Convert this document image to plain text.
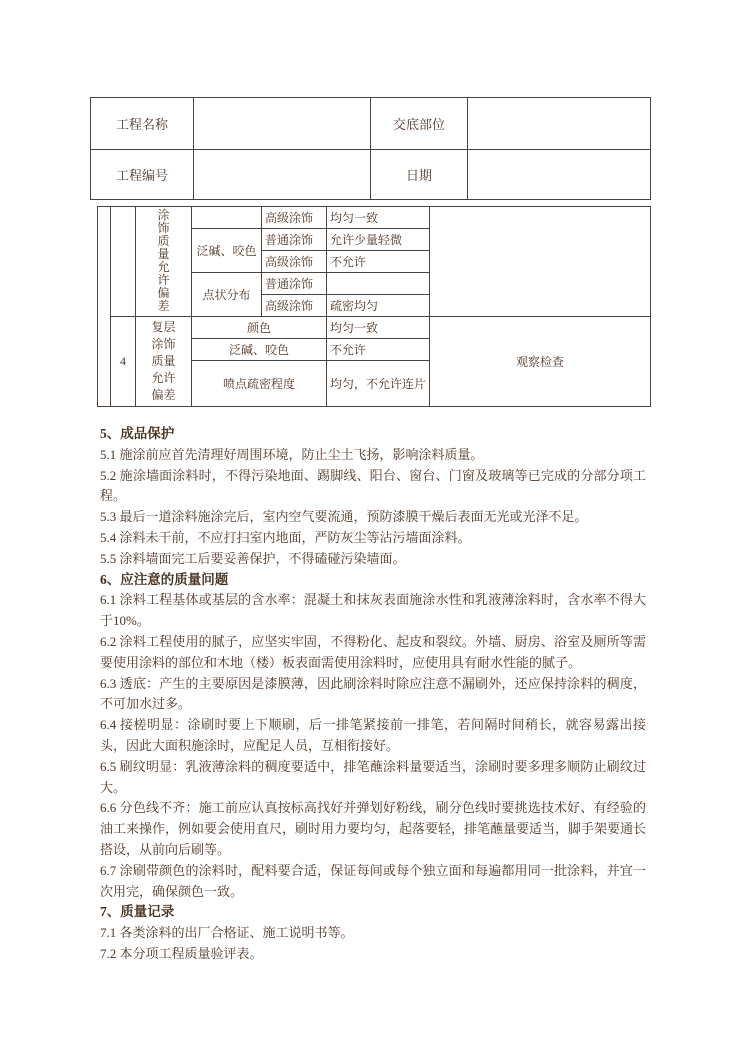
工程名称		交底部位	
工程编号		日期	
		涂饰质量允许偏差		高级涂饰	均匀一致	
			泛碱、咬色	普通涂饰	允许少量轻微	
				高级涂饰	不允许	
			点状分布	普通涂饰		
				高级涂饰	疏密均匀	
	4	复层涂饰质量允许偏差	颜色		均匀一致	观察检查
			泛碱、咬色		不允许	
			喷点疏密程度		均匀，不允许连片	
5、成品保护

5.1 施涂前应首先清理好周围环境，防止尘土飞扬，影响涂料质量。

5.2 施涂墙面涂料时，不得污染地面、踢脚线、阳台、窗台、门窗及玻璃等已完成的分部分项工程。

5.3 最后一道涂料施涂完后，室内空气要流通，预防漆膜干燥后表面无光或光泽不足。

5.4 涂料未干前，不应打扫室内地面，严防灰尘等沾污墙面涂料。

5.5 涂料墙面完工后要妥善保护，不得磕碰污染墙面。

6、应注意的质量问题

6.1 涂料工程基体或基层的含水率：混凝土和抹灰表面施涂水性和乳液薄涂料时，含水率不得大于10%。

6.2 涂料工程使用的腻子，应坚实牢固，不得粉化、起皮和裂纹。外墙、厨房、浴室及厕所等需要使用涂料的部位和木地（楼）板表面需使用涂料时，应使用具有耐水性能的腻子。

6.3 透底：产生的主要原因是漆膜薄，因此刷涂料时除应注意不漏刷外，还应保持涂料的稠度，不可加水过多。

6.4 接槎明显：涂刷时要上下顺刷，后一排笔紧接前一排笔，若间隔时间稍长，就容易露出接头，因此大面积施涂时，应配足人员，互相衔接好。

6.5 刷纹明显：乳液薄涂料的稠度要适中，排笔蘸涂料量要适当，涂刷时要多理多顺防止刷纹过大。

6.6 分色线不齐：施工前应认真按标高找好并弹划好粉线，刷分色线时要挑选技术好、有经验的油工来操作，例如要会使用直尺，刷时用力要均匀，起落要轻，排笔蘸量要适当，脚手架要通长搭设，从前向后刷等。

6.7 涂刷带颜色的涂料时，配料要合适，保证每间或每个独立面和每遍都用同一批涂料，并宜一次用完，确保颜色一致。

7、质量记录

7.1 各类涂料的出厂合格证、施工说明书等。

7.2 本分项工程质量验评表。
